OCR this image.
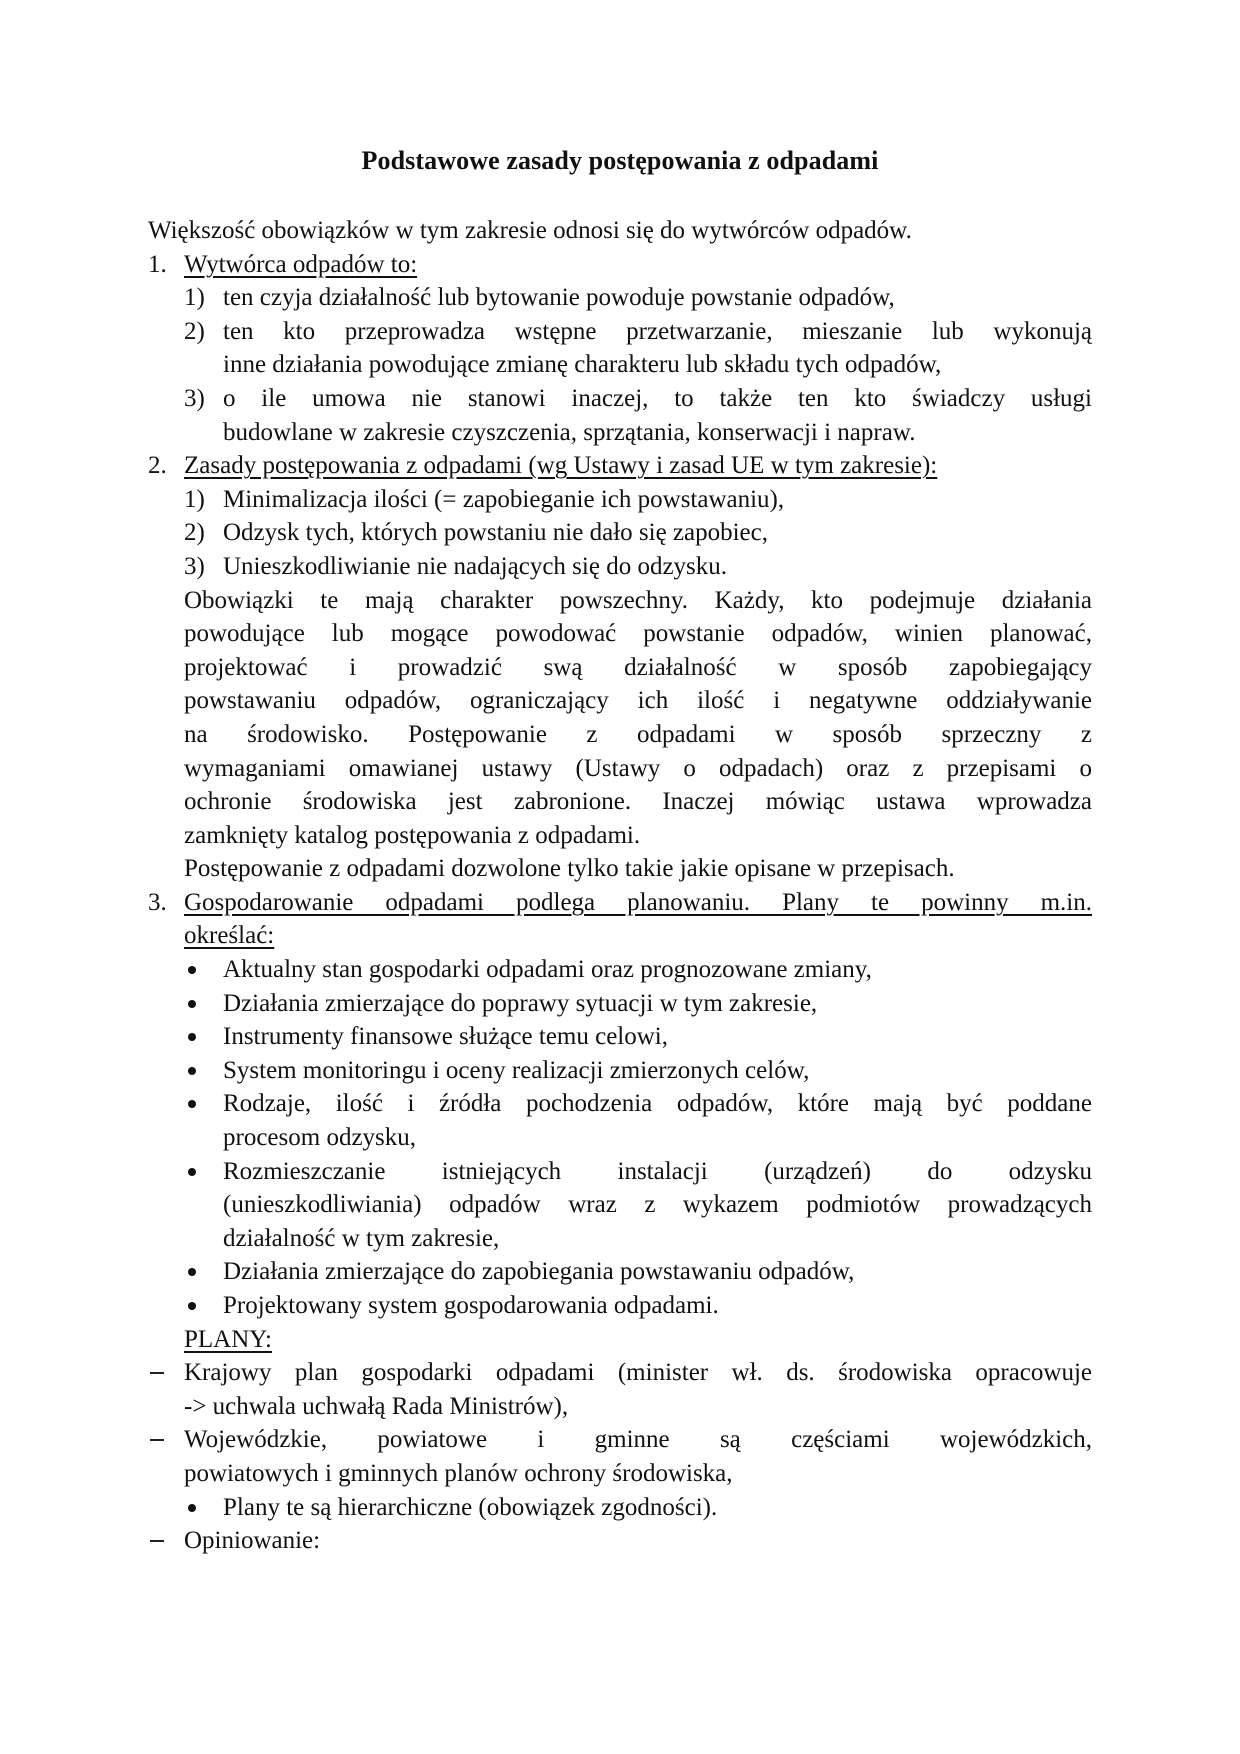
Podstawowe zasady postępowania z odpadami
Większość obowiązków w tym zakresie odnosi się do wytwórców odpadów.
1. Wytwórca odpadów to:
1) ten czyja działalność lub bytowanie powoduje powstanie odpadów,
2) ten kto przeprowadza wstępne przetwarzanie, mieszanie lub wykonują
inne działania powodujące zmianę charakteru lub składu tych odpadów,
3) o ile umowa nie stanowi inaczej, to także ten kto świadczy usługi
budowlane w zakresie czyszczenia, sprzątania, konserwacji i napraw.
2. Zasady postępowania z odpadami (wg Ustawy i zasad UE w tym zakresie):
1) Minimalizacja ilości (= zapobieganie ich powstawaniu),
2) Odzysk tych, których powstaniu nie dało się zapobiec,
3) Unieszkodliwianie nie nadających się do odzysku.
Obowiązki te mają charakter powszechny. Każdy, kto podejmuje działania
powodujące lub mogące powodować powstanie odpadów, winien planować,
projektować i prowadzić swą działalność w sposób zapobiegający
powstawaniu odpadów, ograniczający ich ilość i negatywne oddziaływanie
na środowisko. Postępowanie z odpadami w sposób sprzeczny z
wymaganiami omawianej ustawy (Ustawy o odpadach) oraz z przepisami o
ochronie środowiska jest zabronione. Inaczej mówiąc ustawa wprowadza
zamknięty katalog postępowania z odpadami.
Postępowanie z odpadami dozwolone tylko takie jakie opisane w przepisach.
3. Gospodarowanie odpadami podlega planowaniu. Plany te powinny m.in.
określać:
Aktualny stan gospodarki odpadami oraz prognozowane zmiany,
Działania zmierzające do poprawy sytuacji w tym zakresie,
Instrumenty finansowe służące temu celowi,
System monitoringu i oceny realizacji zmierzonych celów,
Rodzaje, ilość i źródła pochodzenia odpadów, które mają być poddane
procesom odzysku,
Rozmieszczanie istniejących instalacji (urządzeń) do odzysku
(unieszkodliwiania) odpadów wraz z wykazem podmiotów prowadzących
działalność w tym zakresie,
Działania zmierzające do zapobiegania powstawaniu odpadów,
Projektowany system gospodarowania odpadami.
PLANY:
Krajowy plan gospodarki odpadami (minister wł. ds. środowiska opracowuje
-> uchwala uchwałą Rada Ministrów),
Wojewódzkie, powiatowe i gminne są częściami wojewódzkich,
powiatowych i gminnych planów ochrony środowiska,
Plany te są hierarchiczne (obowiązek zgodności).
Opiniowanie:
